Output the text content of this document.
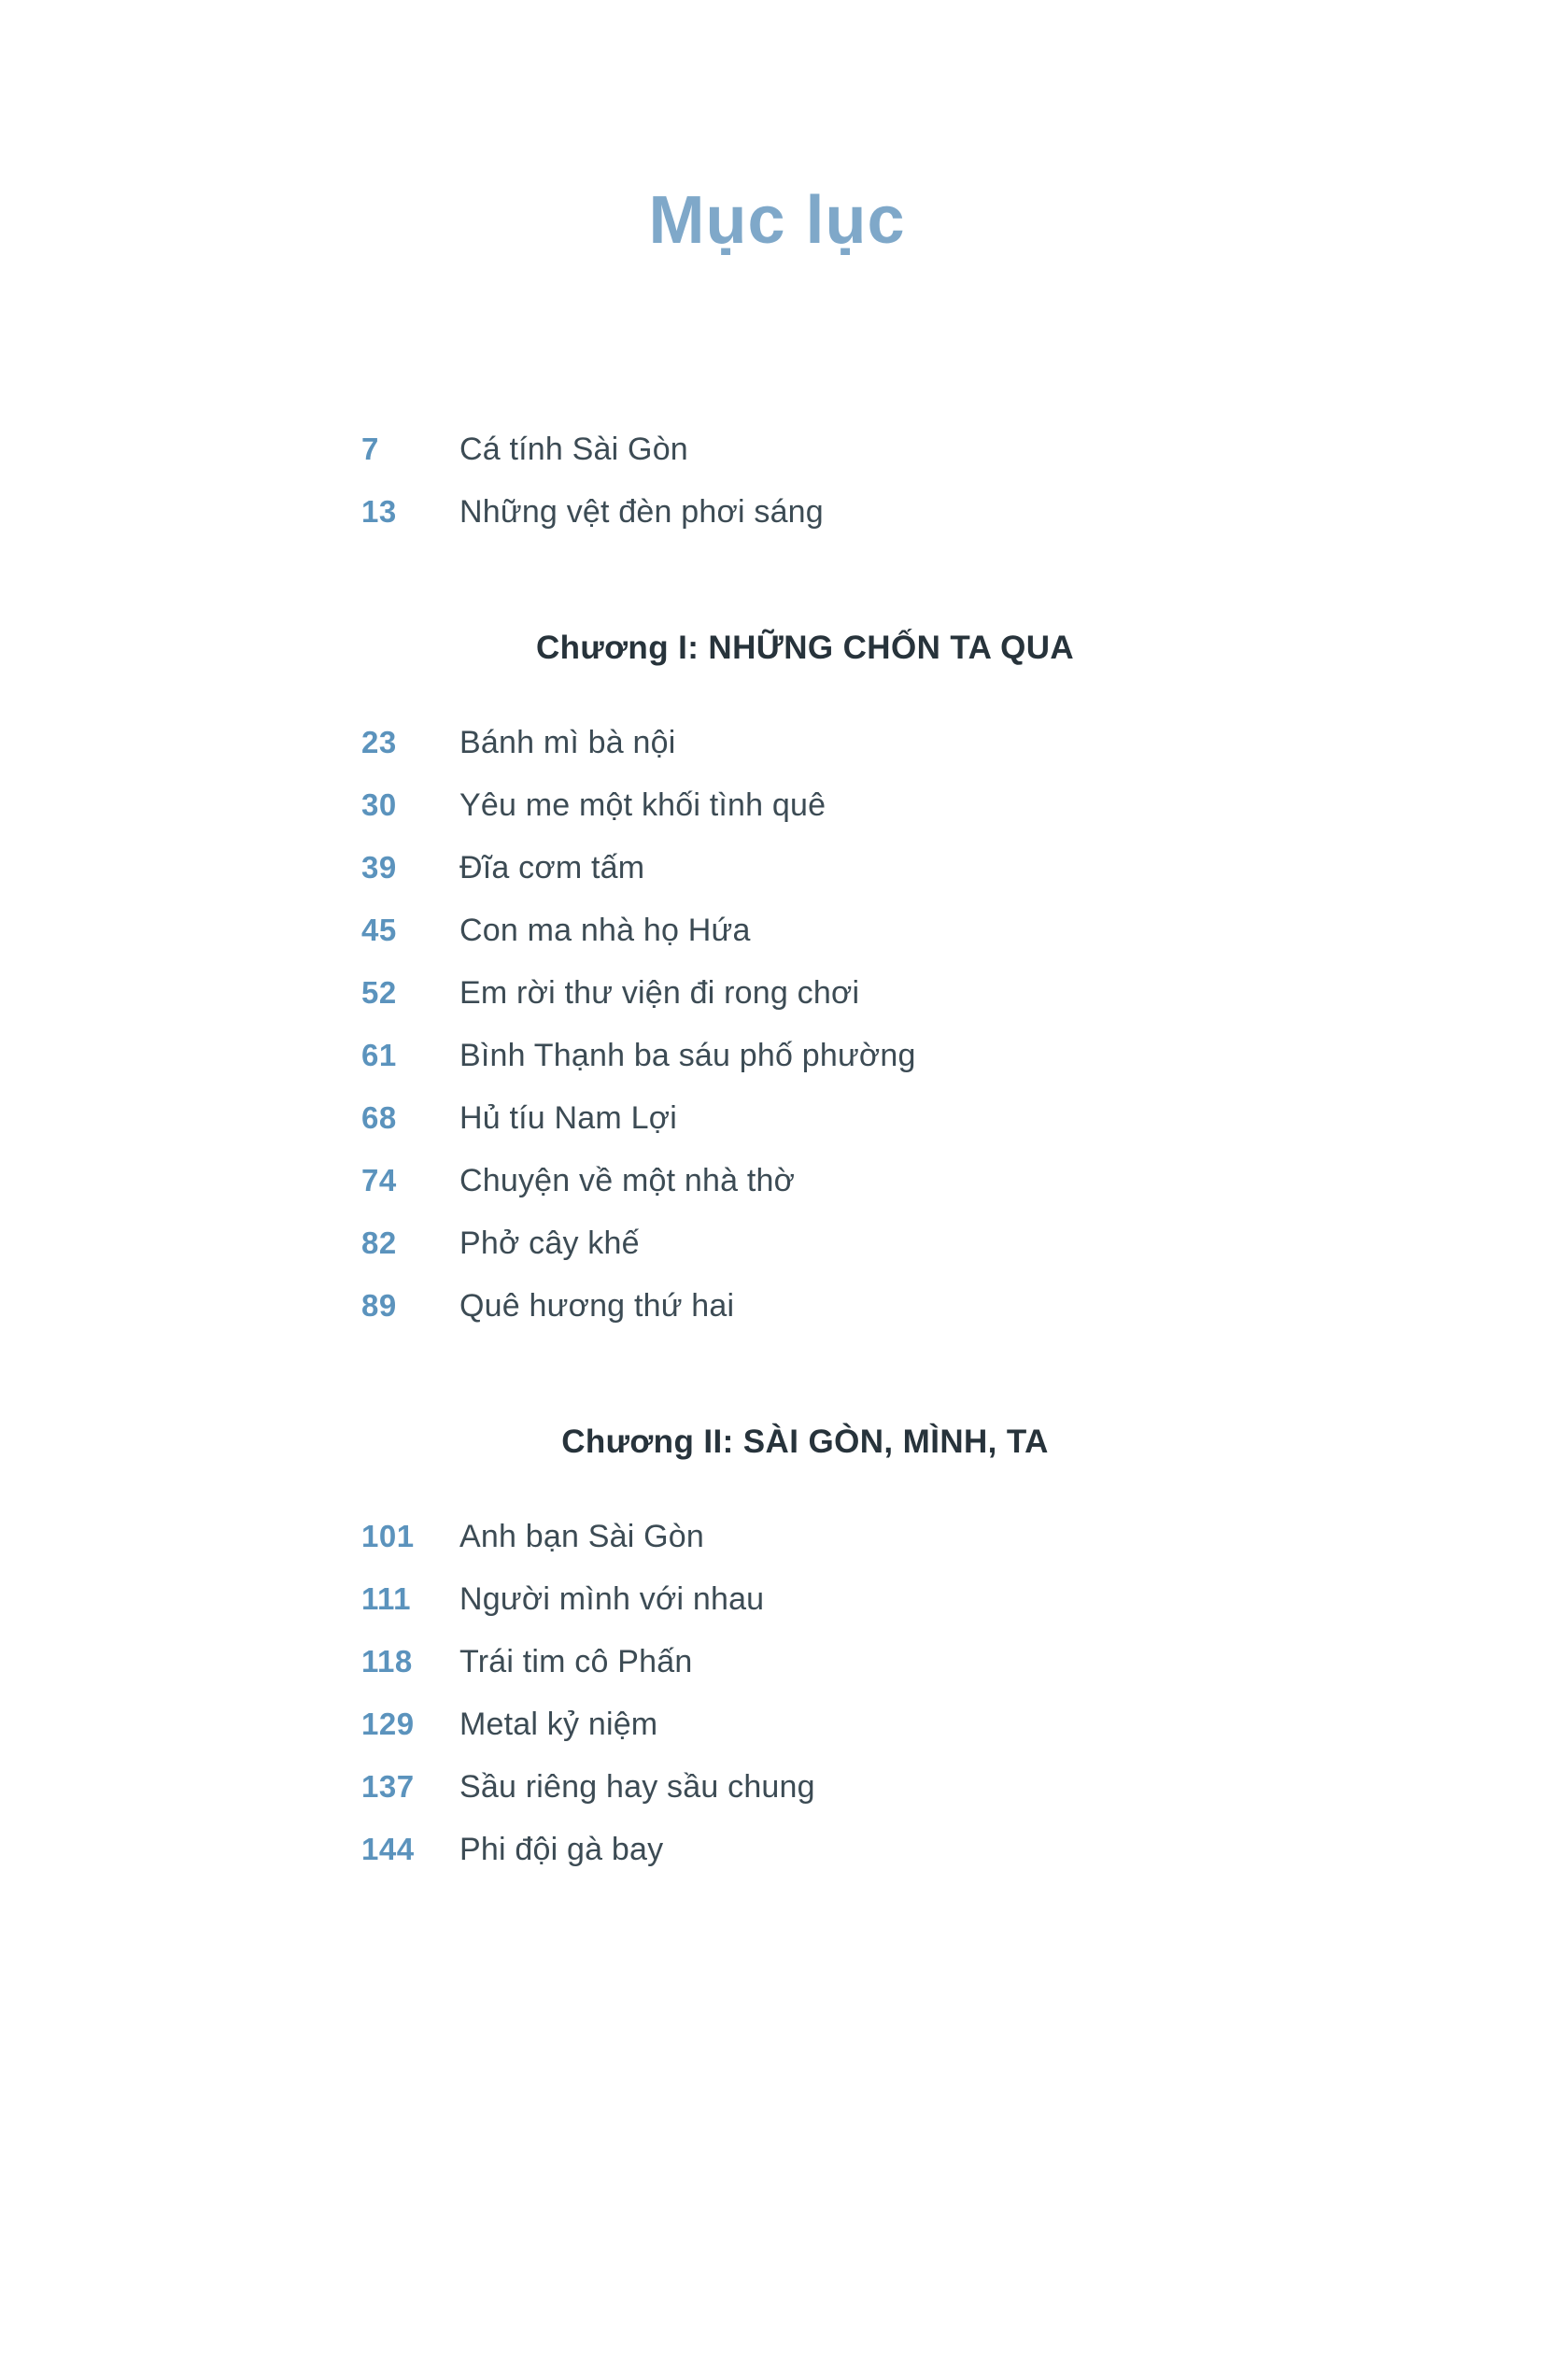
Mục lục
7	Cá tính Sài Gòn
13	Những vệt đèn phơi sáng
Chương I: NHỮNG CHỐN TA QUA
23	Bánh mì bà nội
30	Yêu me một khối tình quê
39	Đĩa cơm tấm
45	Con ma nhà họ Hứa
52	Em rời thư viện đi rong chơi
61	Bình Thạnh ba sáu phố phường
68	Hủ tíu Nam Lợi
74	Chuyện về một nhà thờ
82	Phở cây khế
89	Quê hương thứ hai
Chương II: SÀI GÒN, MÌNH, TA
101	Anh bạn Sài Gòn
111	Người mình với nhau
118	Trái tim cô Phấn
129	Metal kỷ niệm
137	Sầu riêng hay sầu chung
144	Phi đội gà bay
